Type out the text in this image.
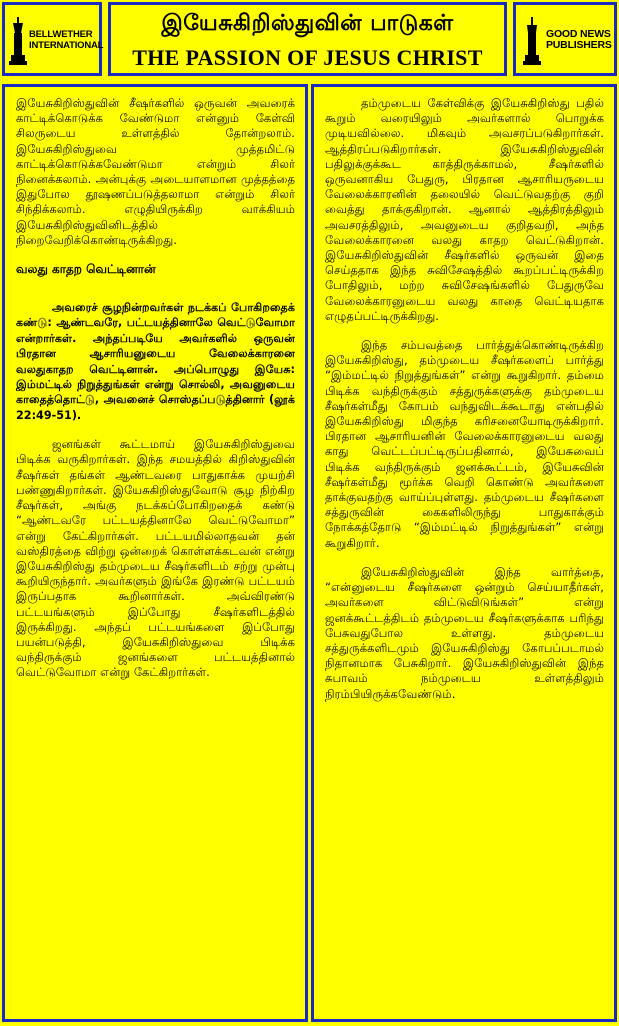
BELLWETHER
INTERNATIONAL
இயேசுகிறிஸ்துவின் பாடுகள்
THE PASSION OF JESUS CHRIST
GOOD NEWS
PUBLISHERS

இயேசுகிறிஸ்துவின் சீஷர்களில் ஒருவன் அவரைக் காட்டிக்கொடுக்க வேண்டுமா என்னும் கேள்வி சிலருடைய உள்ளத்தில் தோன்றலாம். இயேசுகிறிஸ்துவை முத்தமிட்டு காட்டிக்கொடுக்கவேண்டுமா என்றும் சிலர் நினைக்கலாம். அன்புக்கு அடையாளமான முத்தத்தை இதுபோல தூஷணப்படுத்தலாமா என்றும் சிலர் சிந்திக்கலாம். எழுதியிருக்கிற வாக்கியம் இயேசுகிறிஸ்துவினிடத்தில் நிறைவேறிக்கொண்டிருக்கிறது.

வலது காதற வெட்டினான்

அவரைச் சூழநின்றவர்கள் நடக்கப் போகிறதைக் கண்டு: ஆண்டவரே, பட்டயத்தினாலே வெட்டுவோமா என்றார்கள். அந்தப்படியே அவர்களில் ஒருவன் பிரதான ஆசாரியனுடைய வேலைக்காரனை வலதுகாதற வெட்டினான். அப்பொழுது இயேசு: இம்மட்டில் நிறுத்துங்கள் என்று சொல்லி, அவனுடைய காதைத்தொட்டு, அவனைச் சொஸ்தப்படுத்தினார் (லூக் 22:49-51).

ஜனங்கள் கூட்டமாய் இயேசுகிறிஸ்துவை பிடிக்க வருகிறார்கள். இந்த சமயத்தில் கிறிஸ்துவின் சீஷர்கள் தங்கள் ஆண்டவரை பாதுகாக்க முயற்சி பண்ணுகிறார்கள். இயேசுகிறிஸ்துவோடு சூழ நிற்கிற சீஷர்கள், அங்கு நடக்கப்போகிறதைக் கண்டு “ஆண்டவரே பட்டயத்தினாலே வெட்டுவோமா” என்று கேட்கிறார்கள். பட்டயமில்லாதவன் தன் வஸ்திரத்தை விற்று ஒன்றைக் கொள்ளக்கடவன் என்று இயேசுகிறிஸ்து தம்முடைய சீஷர்களிடம் சற்று முன்பு கூறியிருந்தார். அவர்களும் இங்கே இரண்டு பட்டயம் இருப்பதாக கூறினார்கள். அவ்விரண்டு பட்டயங்களும் இப்போது சீஷர்களிடத்தில் இருக்கிறது. அந்தப் பட்டயங்களை இப்போது பயன்படுத்தி, இயேசுகிறிஸ்துவை பிடிக்க வந்திருக்கும் ஜனங்களை பட்டயத்தினால் வெட்டுவோமா என்று கேட்கிறார்கள்.

தம்முடைய கேள்விக்கு இயேசுகிறிஸ்து பதில் கூறும் வரையிலும் அவர்களால் பொறுக்க முடியவில்லை. மிகவும் அவசரப்படுகிறார்கள். ஆத்திரப்படுகிறார்கள். இயேசுகிறிஸ்துவின் பதிலுக்குக்கூட காத்திருக்காமல், சீஷர்களில் ஒருவனாகிய பேதுரு, பிரதான ஆசாரியருடைய வேலைக்காரனின் தலையில் வெட்டுவதற்கு குறி வைத்து தாக்குகிறான். ஆனால் ஆத்திரத்திலும் அவசரத்திலும், அவனுடைய குறிதவறி, அந்த வேலைக்காரனை வலது காதற வெட்டுகிறான். இயேசுகிறிஸ்துவின் சீஷர்களில் ஒருவன் இதை செய்ததாக இந்த சுவிசேஷத்தில் கூறப்பட்டிருக்கிற போதிலும், மற்ற சுவிசேஷங்களில் பேதுருவே வேலைக்காரனுடைய வலது காதை வெட்டியதாக எழுதப்பட்டிருக்கிறது.

இந்த சம்பவத்தை பார்த்துக்கொண்டிருக்கிற இயேசுகிறிஸ்து, தம்முடைய சீஷர்களைப் பார்த்து “இம்மட்டில் நிறுத்துங்கள்” என்று கூறுகிறார். தம்மை பிடிக்க வந்திருக்கும் சத்துருக்களுக்கு தம்முடைய சீஷர்கள்மீது கோபம் வந்துவிடக்கூடாது என்பதில் இயேசுகிறிஸ்து மிகுந்த கரிசனையோடிருக்கிறார். பிரதான ஆசாரியனின் வேலைக்காரனுடைய வலது காது வெட்டப்பட்டிருப்பதினால், இயேசுவைப் பிடிக்க வந்திருக்கும் ஜனக்கூட்டம், இயேசுவின் சீஷர்கள்மீது மூர்க்க வெறி கொண்டு அவர்களை தாக்குவதற்கு வாய்ப்புள்ளது. தம்முடைய சீஷர்களை சத்துருவின் கைகளிலிருந்து பாதுகாக்கும் நோக்கத்தோடு “இம்மட்டில் நிறுத்துங்கள்” என்று கூறுகிறார்.

இயேசுகிறிஸ்துவின் இந்த வார்த்தை, “என்னுடைய சீஷர்களை ஒன்றும் செய்யாதீர்கள், அவர்களை விட்டுவிடுங்கள்” என்று ஜனக்கூட்டத்திடம் தம்முடைய சீஷர்களுக்காக பரிந்து பேசுவதுபோல உள்ளது. தம்முடைய சத்துருக்களிடமும் இயேசுகிறிஸ்து கோபப்படாமல் நிதானமாக பேசுகிறார். இயேசுகிறிஸ்துவின் இந்த சுபாவம் நம்முடைய உள்ளத்திலும் நிரம்பியிருக்கவேண்டும்.
